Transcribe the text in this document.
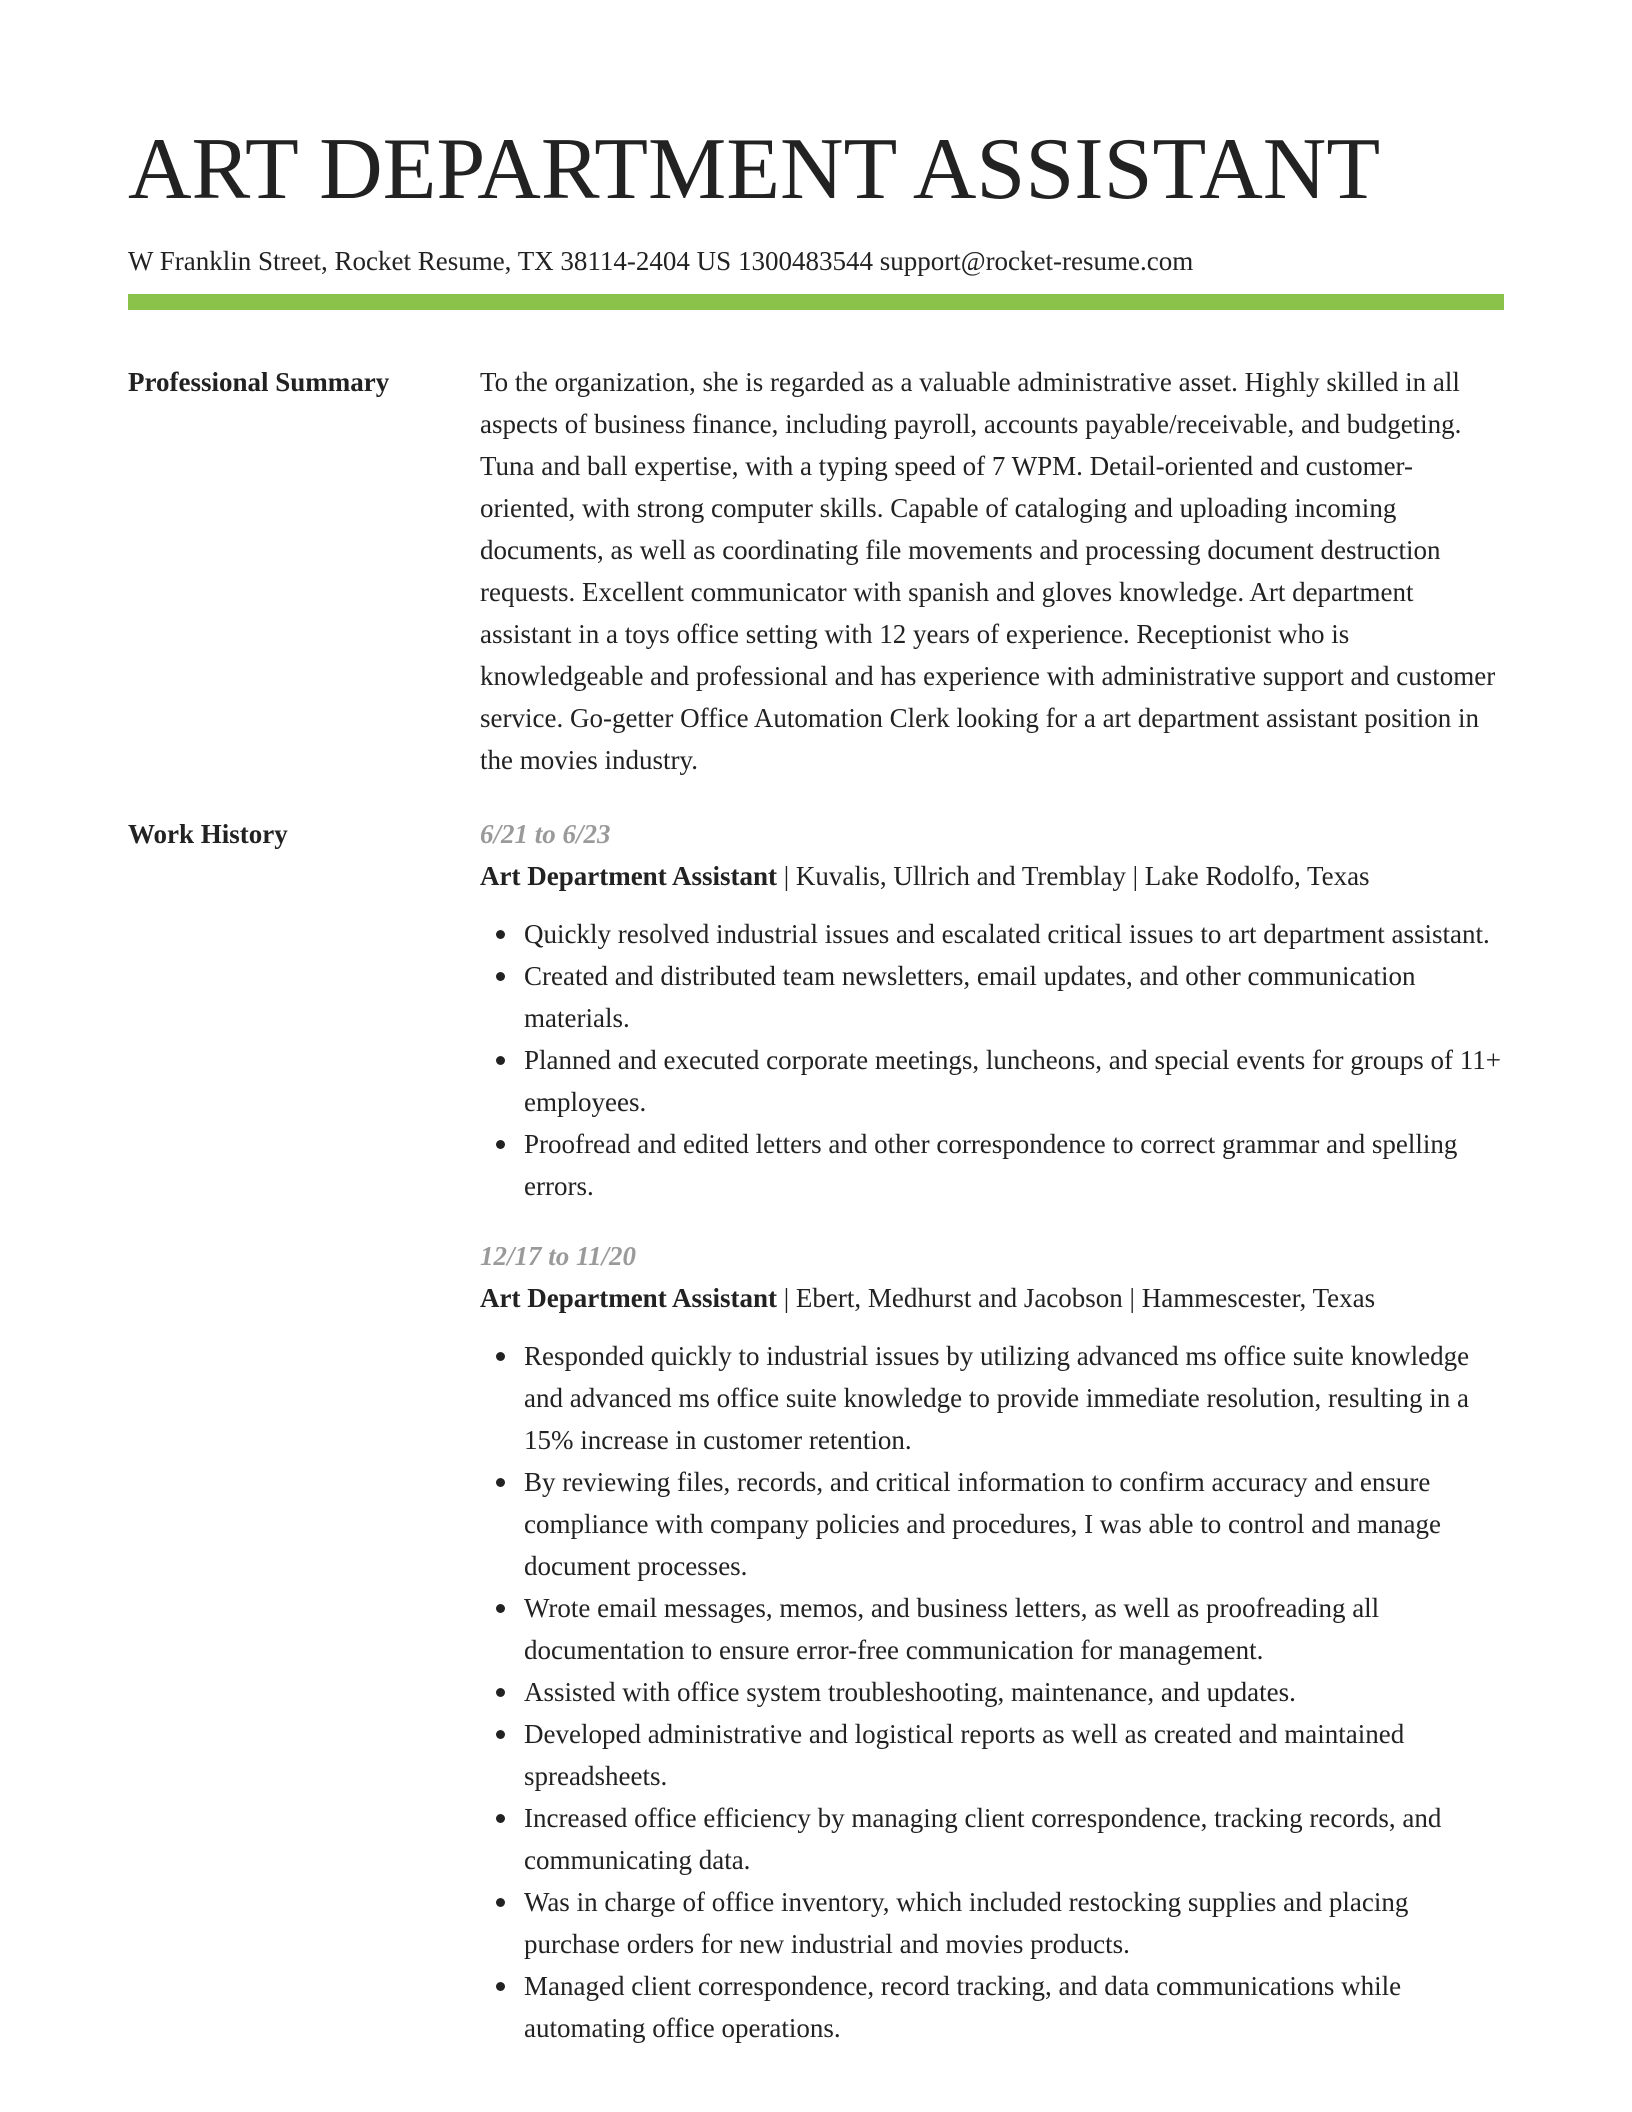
ART DEPARTMENT ASSISTANT
W Franklin Street, Rocket Resume, TX 38114-2404 US 1300483544 support@rocket-resume.com
Professional Summary	To the organization, she is regarded as a valuable administrative asset. Highly skilled in all aspects of business finance, including payroll, accounts payable/receivable, and budgeting. Tuna and ball expertise, with a typing speed of 7 WPM. Detail-oriented and customer-oriented, with strong computer skills. Capable of cataloging and uploading incoming documents, as well as coordinating file movements and processing document destruction requests. Excellent communicator with spanish and gloves knowledge. Art department assistant in a toys office setting with 12 years of experience. Receptionist who is knowledgeable and professional and has experience with administrative support and customer service. Go-getter Office Automation Clerk looking for a art department assistant position in the movies industry.
Work History	6/21 to 6/23
Art Department Assistant | Kuvalis, Ullrich and Tremblay | Lake Rodolfo, Texas
Quickly resolved industrial issues and escalated critical issues to art department assistant.
Created and distributed team newsletters, email updates, and other communication materials.
Planned and executed corporate meetings, luncheons, and special events for groups of 11+ employees.
Proofread and edited letters and other correspondence to correct grammar and spelling errors.
12/17 to 11/20
Art Department Assistant | Ebert, Medhurst and Jacobson | Hammescester, Texas
Responded quickly to industrial issues by utilizing advanced ms office suite knowledge and advanced ms office suite knowledge to provide immediate resolution, resulting in a 15% increase in customer retention.
By reviewing files, records, and critical information to confirm accuracy and ensure compliance with company policies and procedures, I was able to control and manage document processes.
Wrote email messages, memos, and business letters, as well as proofreading all documentation to ensure error-free communication for management.
Assisted with office system troubleshooting, maintenance, and updates.
Developed administrative and logistical reports as well as created and maintained spreadsheets.
Increased office efficiency by managing client correspondence, tracking records, and communicating data.
Was in charge of office inventory, which included restocking supplies and placing purchase orders for new industrial and movies products.
Managed client correspondence, record tracking, and data communications while automating office operations.
